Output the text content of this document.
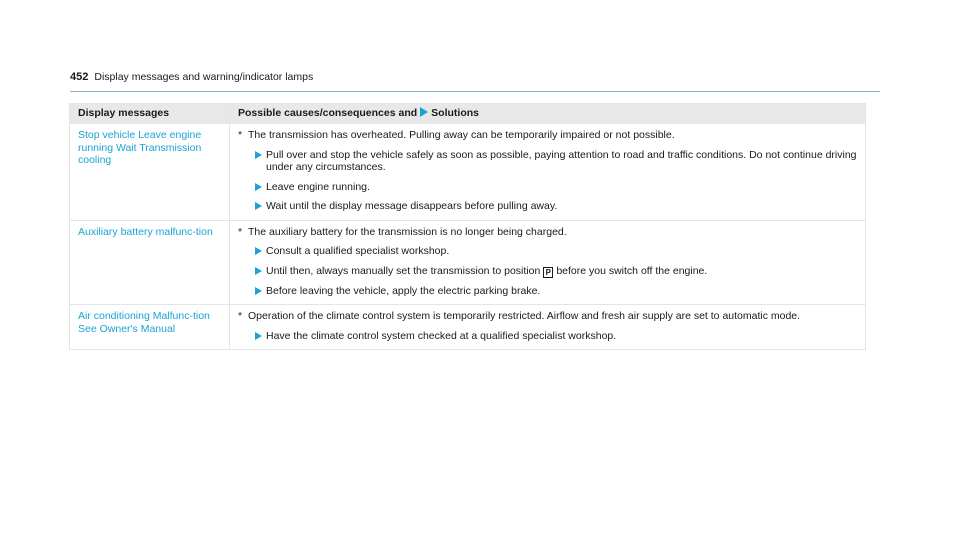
452 Display messages and warning/indicator lamps
Display messages	Possible causes/consequences and Solutions
Stop vehicle Leave engine running Wait Transmission cooling	* The transmission has overheated. Pulling away can be temporarily impaired or not possible.
Pull over and stop the vehicle safely as soon as possible, paying attention to road and traffic conditions. Do not continue driving under any circumstances.
Leave engine running.
Wait until the display message disappears before pulling away.

Auxiliary battery malfunc-tion	* The auxiliary battery for the transmission is no longer being charged.
Consult a qualified specialist workshop.
Until then, always manually set the transmission to position P before you switch off the engine.
Before leaving the vehicle, apply the electric parking brake.

Air conditioning Malfunc-tion See Owner's Manual	* Operation of the climate control system is temporarily restricted. Airflow and fresh air supply are set to automatic mode.
Have the climate control system checked at a qualified specialist workshop.
